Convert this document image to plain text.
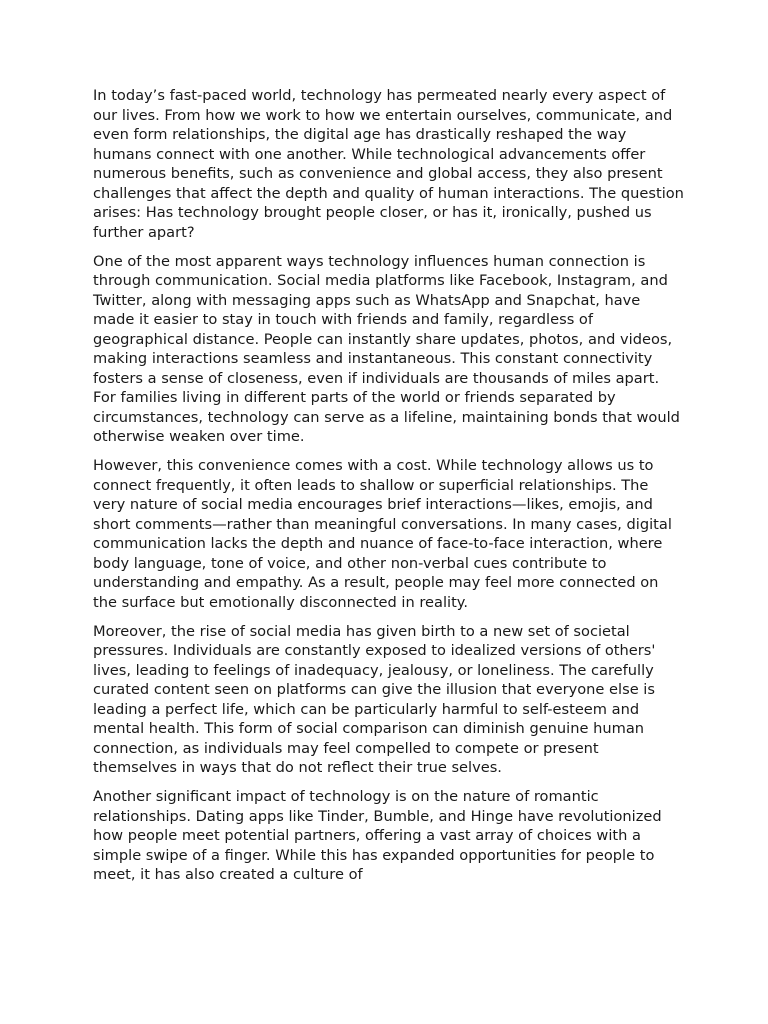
In today’s fast-paced world, technology has permeated nearly every aspect of our lives. From how we work to how we entertain ourselves, communicate, and even form relationships, the digital age has drastically reshaped the way humans connect with one another. While technological advancements offer numerous benefits, such as convenience and global access, they also present challenges that affect the depth and quality of human interactions. The question arises: Has technology brought people closer, or has it, ironically, pushed us further apart?

One of the most apparent ways technology influences human connection is through communication. Social media platforms like Facebook, Instagram, and Twitter, along with messaging apps such as WhatsApp and Snapchat, have made it easier to stay in touch with friends and family, regardless of geographical distance. People can instantly share updates, photos, and videos, making interactions seamless and instantaneous. This constant connectivity fosters a sense of closeness, even if individuals are thousands of miles apart. For families living in different parts of the world or friends separated by circumstances, technology can serve as a lifeline, maintaining bonds that would otherwise weaken over time.

However, this convenience comes with a cost. While technology allows us to connect frequently, it often leads to shallow or superficial relationships. The very nature of social media encourages brief interactions—likes, emojis, and short comments—rather than meaningful conversations. In many cases, digital communication lacks the depth and nuance of face-to-face interaction, where body language, tone of voice, and other non-verbal cues contribute to understanding and empathy. As a result, people may feel more connected on the surface but emotionally disconnected in reality.

Moreover, the rise of social media has given birth to a new set of societal pressures. Individuals are constantly exposed to idealized versions of others' lives, leading to feelings of inadequacy, jealousy, or loneliness. The carefully curated content seen on platforms can give the illusion that everyone else is leading a perfect life, which can be particularly harmful to self-esteem and mental health. This form of social comparison can diminish genuine human connection, as individuals may feel compelled to compete or present themselves in ways that do not reflect their true selves.

Another significant impact of technology is on the nature of romantic relationships. Dating apps like Tinder, Bumble, and Hinge have revolutionized how people meet potential partners, offering a vast array of choices with a simple swipe of a finger. While this has expanded opportunities for people to meet, it has also created a culture of
